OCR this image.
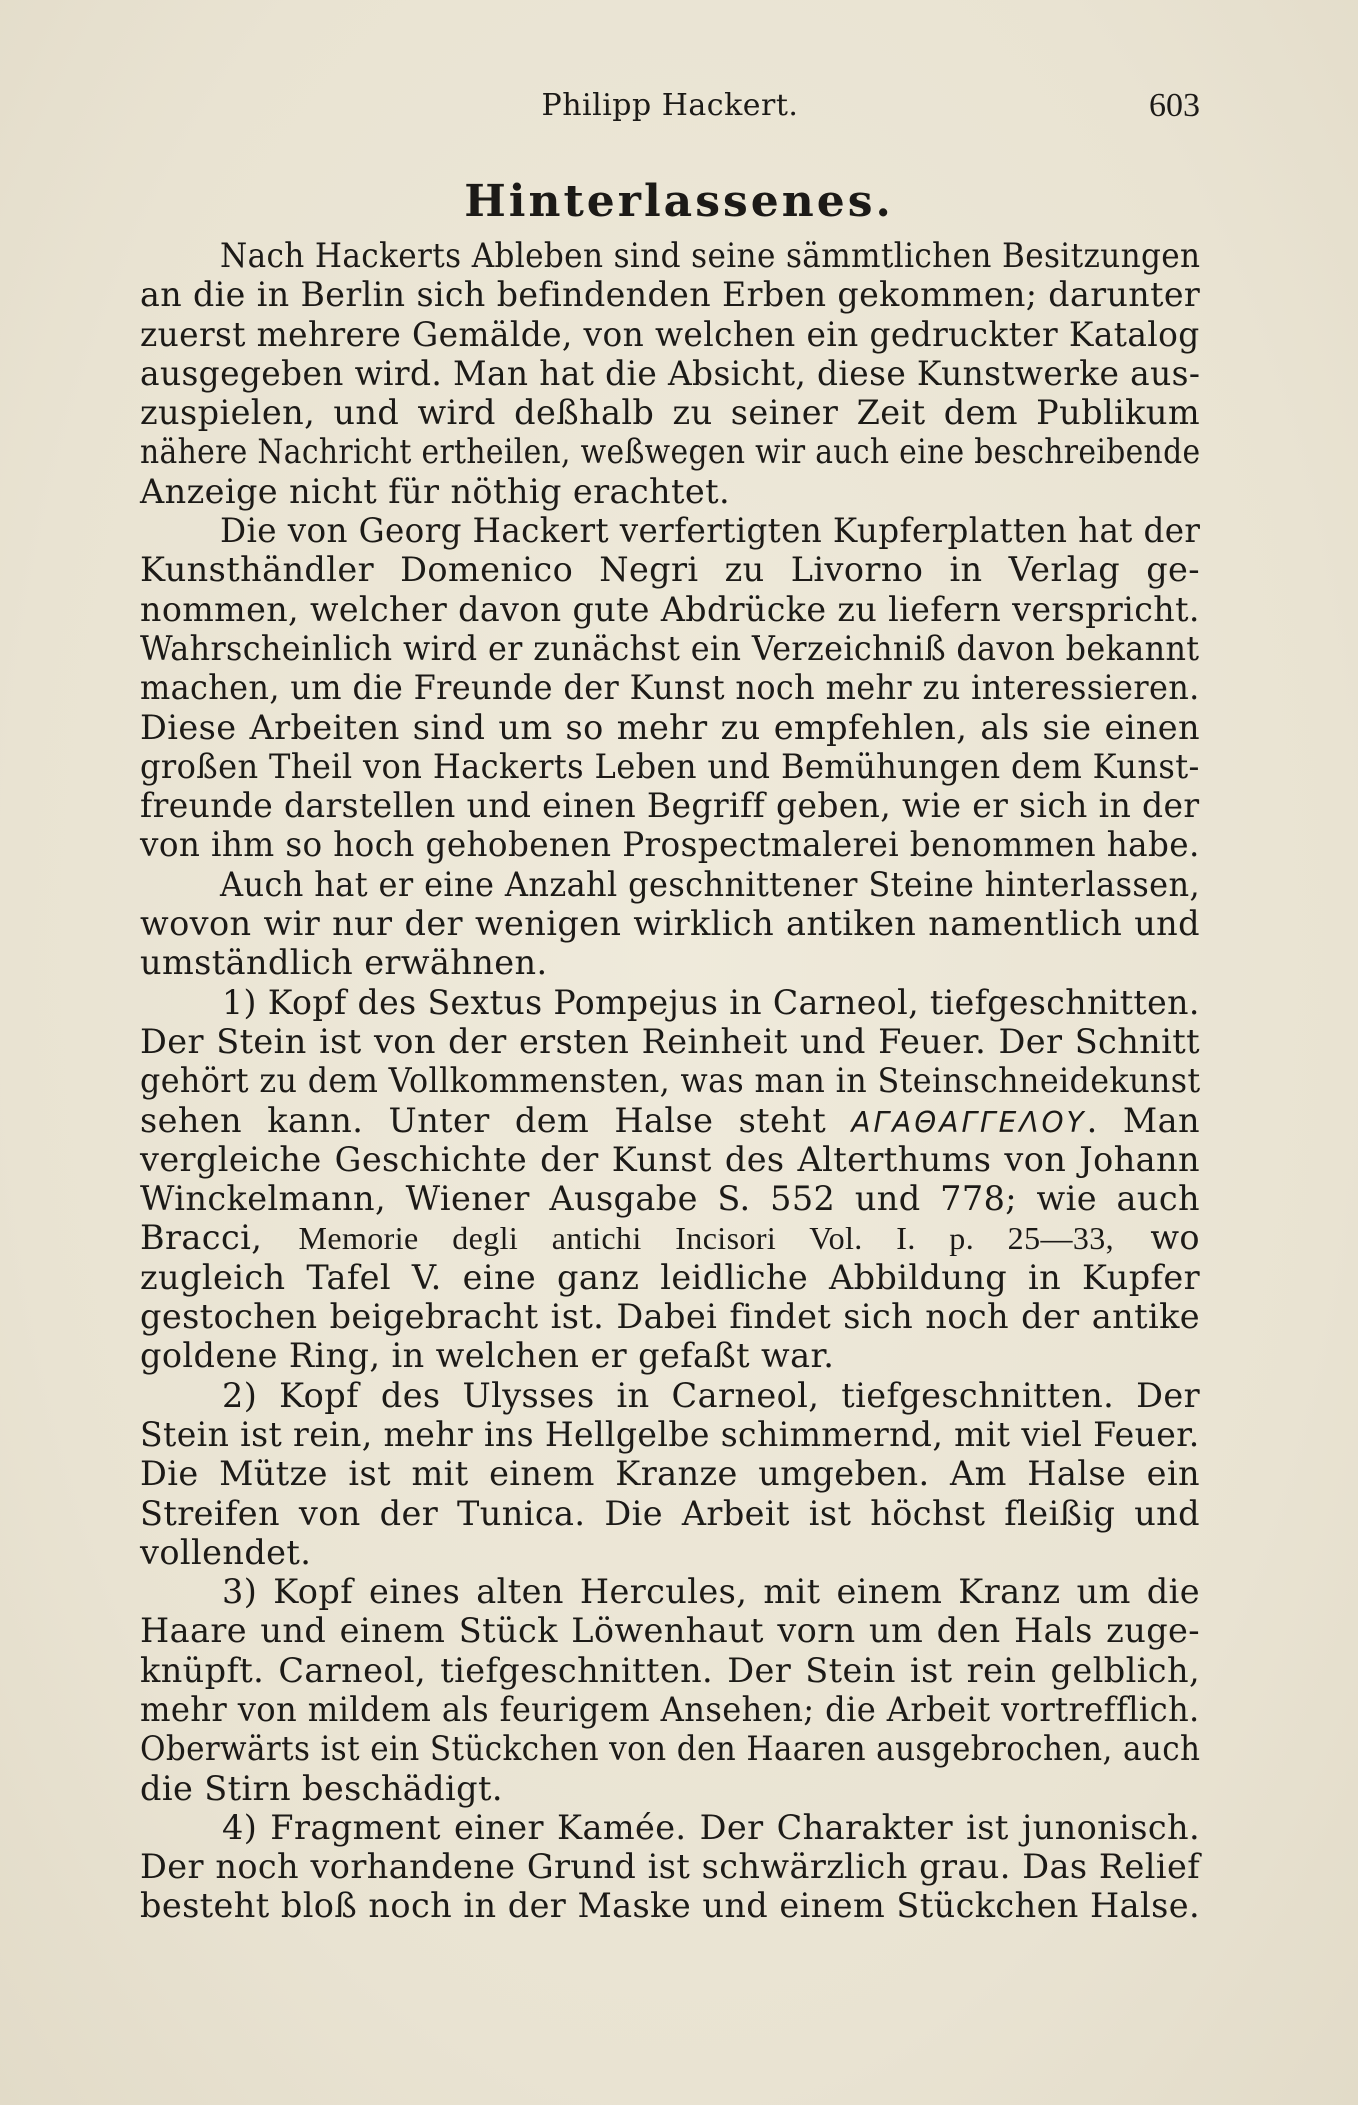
Philipp Hackert.	603
Hinterlassenes.
Nach Hackerts Ableben sind seine sämmtlichen Besitzungen
an die in Berlin sich befindenden Erben gekommen; darunter
zuerst mehrere Gemälde, von welchen ein gedruckter Katalog
ausgegeben wird. Man hat die Absicht, diese Kunstwerke aus-
zuspielen, und wird deßhalb zu seiner Zeit dem Publikum
nähere Nachricht ertheilen, weßwegen wir auch eine beschreibende
Anzeige nicht für nöthig erachtet.
Die von Georg Hackert verfertigten Kupferplatten hat der
Kunsthändler Domenico Negri zu Livorno in Verlag ge-
nommen, welcher davon gute Abdrücke zu liefern verspricht.
Wahrscheinlich wird er zunächst ein Verzeichniß davon bekannt
machen, um die Freunde der Kunst noch mehr zu interessieren.
Diese Arbeiten sind um so mehr zu empfehlen, als sie einen
großen Theil von Hackerts Leben und Bemühungen dem Kunst-
freunde darstellen und einen Begriff geben, wie er sich in der
von ihm so hoch gehobenen Prospectmalerei benommen habe.
Auch hat er eine Anzahl geschnittener Steine hinterlassen,
wovon wir nur der wenigen wirklich antiken namentlich und
umständlich erwähnen.
1) Kopf des Sextus Pompejus in Carneol, tiefgeschnitten.
Der Stein ist von der ersten Reinheit und Feuer. Der Schnitt
gehört zu dem Vollkommensten, was man in Steinschneidekunst
sehen kann. Unter dem Halse steht ΑΓΑΘΑΓΓΕΛΟΥ. Man
vergleiche Geschichte der Kunst des Alterthums von Johann
Winckelmann, Wiener Ausgabe S. 552 und 778; wie auch
Bracci, Memorie degli antichi Incisori Vol. I. p. 25—33, wo
zugleich Tafel V. eine ganz leidliche Abbildung in Kupfer
gestochen beigebracht ist. Dabei findet sich noch der antike
goldene Ring, in welchen er gefaßt war.
2) Kopf des Ulysses in Carneol, tiefgeschnitten. Der
Stein ist rein, mehr ins Hellgelbe schimmernd, mit viel Feuer.
Die Mütze ist mit einem Kranze umgeben. Am Halse ein
Streifen von der Tunica. Die Arbeit ist höchst fleißig und
vollendet.
3) Kopf eines alten Hercules, mit einem Kranz um die
Haare und einem Stück Löwenhaut vorn um den Hals zuge-
knüpft. Carneol, tiefgeschnitten. Der Stein ist rein gelblich,
mehr von mildem als feurigem Ansehen; die Arbeit vortrefflich.
Oberwärts ist ein Stückchen von den Haaren ausgebrochen, auch
die Stirn beschädigt.
4) Fragment einer Kamée. Der Charakter ist junonisch.
Der noch vorhandene Grund ist schwärzlich grau. Das Relief
besteht bloß noch in der Maske und einem Stückchen Halse.
